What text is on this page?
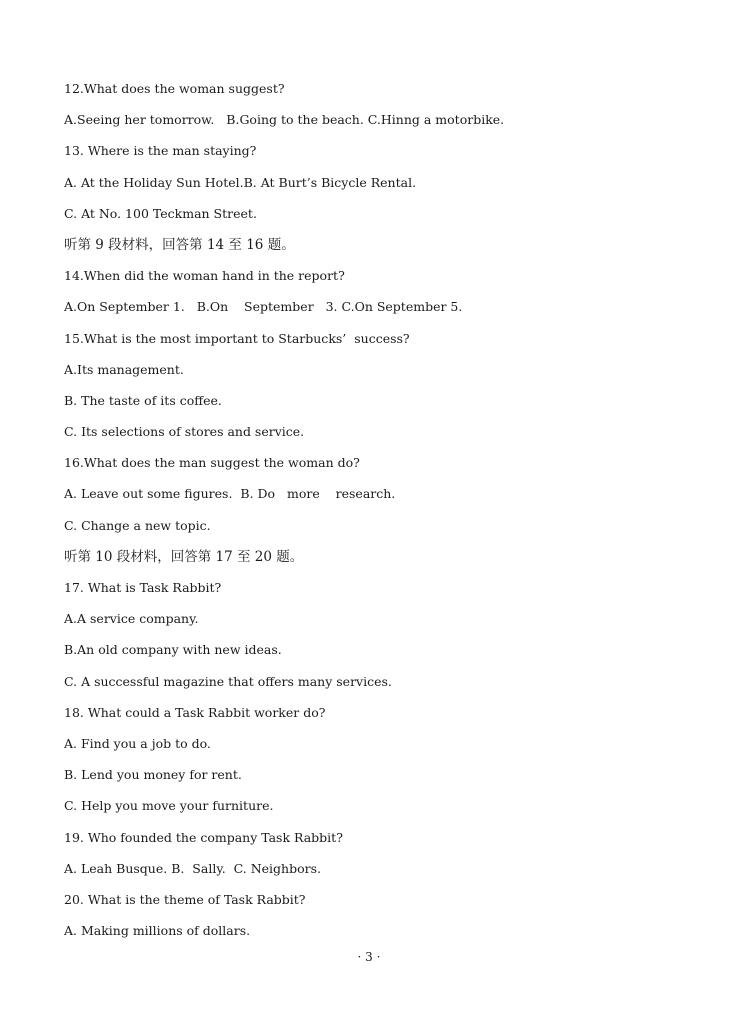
12.What does the woman suggest?
A.Seeing her tomorrow.   B.Going to the beach. C.Hinng a motorbike.
13. Where is the man staying?
A. At the Holiday Sun Hotel.B. At Burt’s Bicycle Rental.
C. At No. 100 Teckman Street.
听第 9 段材料，回答第 14 至 16 题。
14.When did the woman hand in the report?
A.On September 1.   B.On    September   3. C.On September 5.
15.What is the most important to Starbucks’  success?
A.Its management.
B. The taste of its coffee.
C. Its selections of stores and service.
16.What does the man suggest the woman do?
A. Leave out some figures.  B. Do   more    research.
C. Change a new topic.
听第 10 段材料，回答第 17 至 20 题。
17. What is Task Rabbit?
A.A service company.
B.An old company with new ideas.
C. A successful magazine that offers many services.
18. What could a Task Rabbit worker do?
A. Find you a job to do.
B. Lend you money for rent.
C. Help you move your furniture.
19. Who founded the company Task Rabbit?
A. Leah Busque. B.  Sally.  C. Neighbors.
20. What is the theme of Task Rabbit?
A. Making millions of dollars.
· 3 ·
